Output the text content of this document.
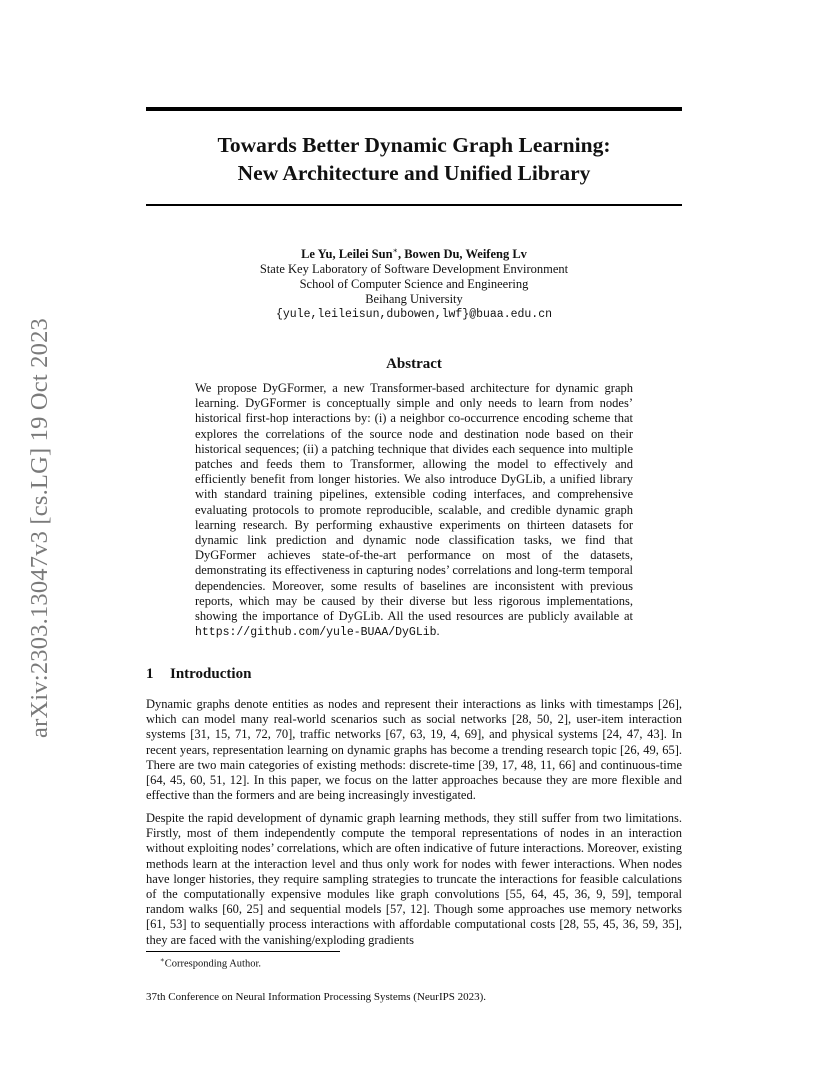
arXiv:2303.13047v3 [cs.LG] 19 Oct 2023
Towards Better Dynamic Graph Learning:
New Architecture and Unified Library
Le Yu, Leilei Sun∗, Bowen Du, Weifeng Lv
State Key Laboratory of Software Development Environment
School of Computer Science and Engineering
Beihang University
{yule,leileisun,dubowen,lwf}@buaa.edu.cn
Abstract
We propose DyGFormer, a new Transformer-based architecture for dynamic graph learning. DyGFormer is conceptually simple and only needs to learn from nodes’ historical first-hop interactions by: (i) a neighbor co-occurrence encoding scheme that explores the correlations of the source node and destination node based on their historical sequences; (ii) a patching technique that divides each sequence into multiple patches and feeds them to Transformer, allowing the model to effectively and efficiently benefit from longer histories. We also introduce DyGLib, a unified library with standard training pipelines, extensible coding interfaces, and comprehensive evaluating protocols to promote reproducible, scalable, and credible dynamic graph learning research. By performing exhaustive experiments on thirteen datasets for dynamic link prediction and dynamic node classification tasks, we find that DyGFormer achieves state-of-the-art performance on most of the datasets, demonstrating its effectiveness in capturing nodes’ correlations and long-term temporal dependencies. Moreover, some results of baselines are inconsistent with previous reports, which may be caused by their diverse but less rigorous implementations, showing the importance of DyGLib. All the used resources are publicly available at https://github.com/yule-BUAA/DyGLib.
1 Introduction
Dynamic graphs denote entities as nodes and represent their interactions as links with timestamps [26], which can model many real-world scenarios such as social networks [28, 50, 2], user-item interaction systems [31, 15, 71, 72, 70], traffic networks [67, 63, 19, 4, 69], and physical systems [24, 47, 43]. In recent years, representation learning on dynamic graphs has become a trending research topic [26, 49, 65]. There are two main categories of existing methods: discrete-time [39, 17, 48, 11, 66] and continuous-time [64, 45, 60, 51, 12]. In this paper, we focus on the latter approaches because they are more flexible and effective than the formers and are being increasingly investigated.
Despite the rapid development of dynamic graph learning methods, they still suffer from two limitations. Firstly, most of them independently compute the temporal representations of nodes in an interaction without exploiting nodes’ correlations, which are often indicative of future interactions. Moreover, existing methods learn at the interaction level and thus only work for nodes with fewer interactions. When nodes have longer histories, they require sampling strategies to truncate the interactions for feasible calculations of the computationally expensive modules like graph convolutions [55, 64, 45, 36, 9, 59], temporal random walks [60, 25] and sequential models [57, 12]. Though some approaches use memory networks [61, 53] to sequentially process interactions with affordable computational costs [28, 55, 45, 36, 59, 35], they are faced with the vanishing/exploding gradients
∗Corresponding Author.
37th Conference on Neural Information Processing Systems (NeurIPS 2023).
